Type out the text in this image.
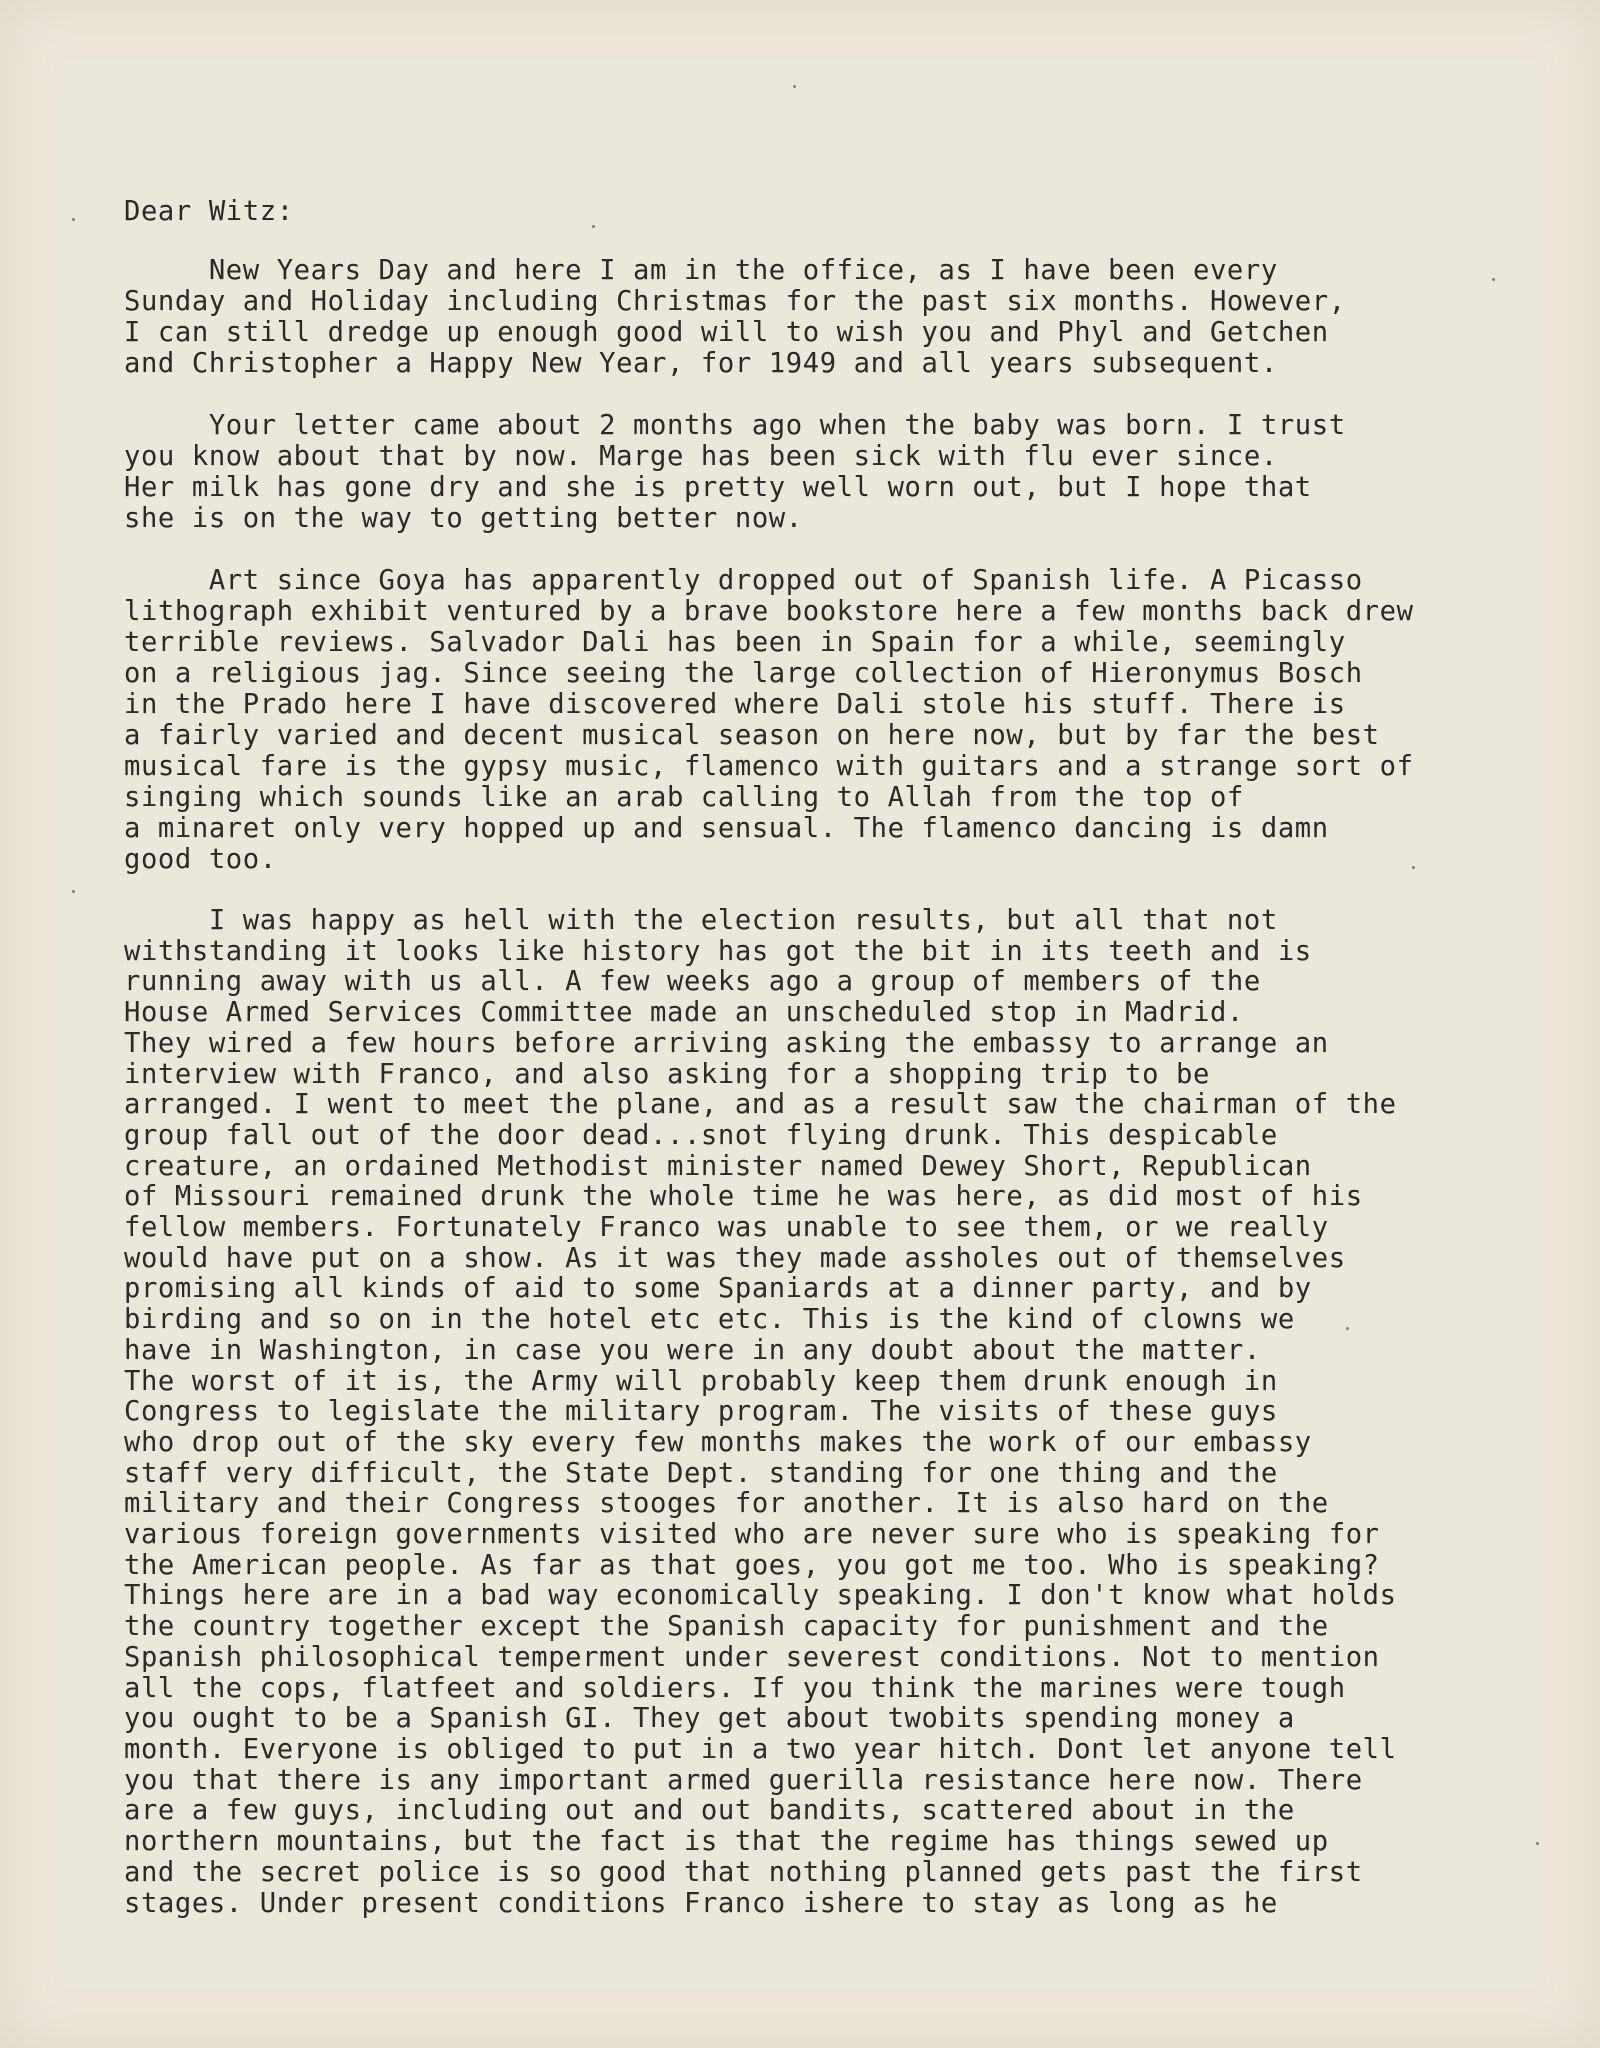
Dear Witz:
New Years Day and here I am in the office, as I have been every
Sunday and Holiday including Christmas for the past six months. However,
I can still dredge up enough good will to wish you and Phyl and Getchen
and Christopher a Happy New Year, for 1949 and all years subsequent.
Your letter came about 2 months ago when the baby was born. I trust
you know about that by now. Marge has been sick with flu ever since.
Her milk has gone dry and she is pretty well worn out, but I hope that
she is on the way to getting better now.
Art since Goya has apparently dropped out of Spanish life. A Picasso
lithograph exhibit ventured by a brave bookstore here a few months back drew
terrible reviews. Salvador Dali has been in Spain for a while, seemingly
on a religious jag. Since seeing the large collection of Hieronymus Bosch
in the Prado here I have discovered where Dali stole his stuff. There is
a fairly varied and decent musical season on here now, but by far the best
musical fare is the gypsy music, flamenco with guitars and a strange sort of
singing which sounds like an arab calling to Allah from the top of
a minaret only very hopped up and sensual. The flamenco dancing is damn
good too.
I was happy as hell with the election results, but all that not
withstanding it looks like history has got the bit in its teeth and is
running away with us all. A few weeks ago a group of members of the
House Armed Services Committee made an unscheduled stop in Madrid.
They wired a few hours before arriving asking the embassy to arrange an
interview with Franco, and also asking for a shopping trip to be
arranged. I went to meet the plane, and as a result saw the chairman of the
group fall out of the door dead...snot flying drunk. This despicable
creature, an ordained Methodist minister named Dewey Short, Republican
of Missouri remained drunk the whole time he was here, as did most of his
fellow members. Fortunately Franco was unable to see them, or we really
would have put on a show. As it was they made assholes out of themselves
promising all kinds of aid to some Spaniards at a dinner party, and by
birding and so on in the hotel etc etc. This is the kind of clowns we
have in Washington, in case you were in any doubt about the matter.
The worst of it is, the Army will probably keep them drunk enough in
Congress to legislate the military program. The visits of these guys
who drop out of the sky every few months makes the work of our embassy
staff very difficult, the State Dept. standing for one thing and the
military and their Congress stooges for another. It is also hard on the
various foreign governments visited who are never sure who is speaking for
the American people. As far as that goes, you got me too. Who is speaking?
Things here are in a bad way economically speaking. I don't know what holds
the country together except the Spanish capacity for punishment and the
Spanish philosophical temperment under severest conditions. Not to mention
all the cops, flatfeet and soldiers. If you think the marines were tough
you ought to be a Spanish GI. They get about twobits spending money a
month. Everyone is obliged to put in a two year hitch. Dont let anyone tell
you that there is any important armed guerilla resistance here now. There
are a few guys, including out and out bandits, scattered about in the
northern mountains, but the fact is that the regime has things sewed up
and the secret police is so good that nothing planned gets past the first
stages. Under present conditions Franco ishere to stay as long as he
